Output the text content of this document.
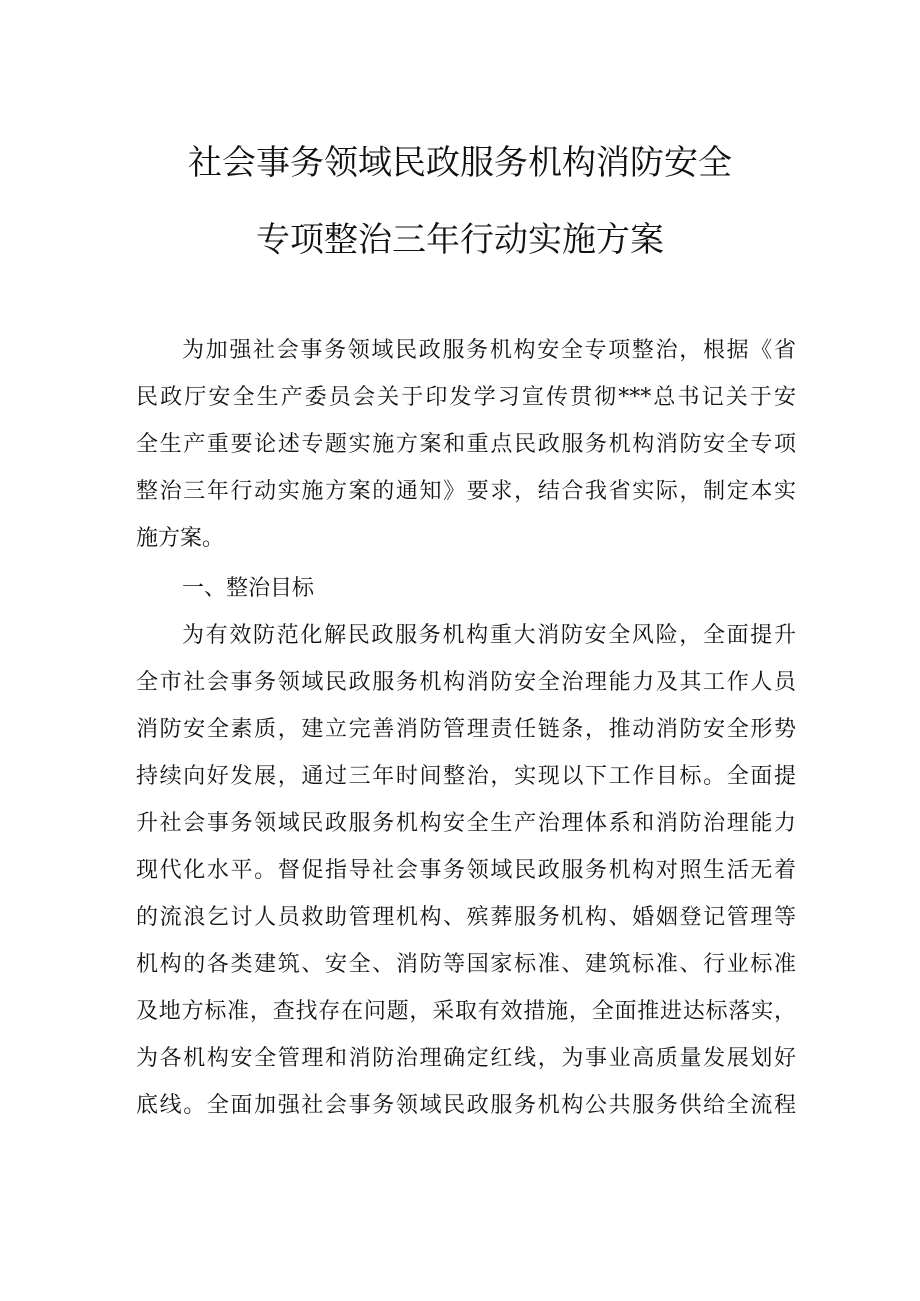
社会事务领域民政服务机构消防安全
专项整治三年行动实施方案
为加强社会事务领域民政服务机构安全专项整治，根据《省
民政厅安全生产委员会关于印发学习宣传贯彻***总书记关于安
全生产重要论述专题实施方案和重点民政服务机构消防安全专项
整治三年行动实施方案的通知》要求，结合我省实际，制定本实
施方案。
一、整治目标
为有效防范化解民政服务机构重大消防安全风险，全面提升
全市社会事务领域民政服务机构消防安全治理能力及其工作人员
消防安全素质，建立完善消防管理责任链条，推动消防安全形势
持续向好发展，通过三年时间整治，实现以下工作目标。全面提
升社会事务领域民政服务机构安全生产治理体系和消防治理能力
现代化水平。督促指导社会事务领域民政服务机构对照生活无着
的流浪乞讨人员救助管理机构、殡葬服务机构、婚姻登记管理等
机构的各类建筑、安全、消防等国家标准、建筑标准、行业标准
及地方标准，查找存在问题，采取有效措施，全面推进达标落实，
为各机构安全管理和消防治理确定红线，为事业高质量发展划好
底线。全面加强社会事务领域民政服务机构公共服务供给全流程
